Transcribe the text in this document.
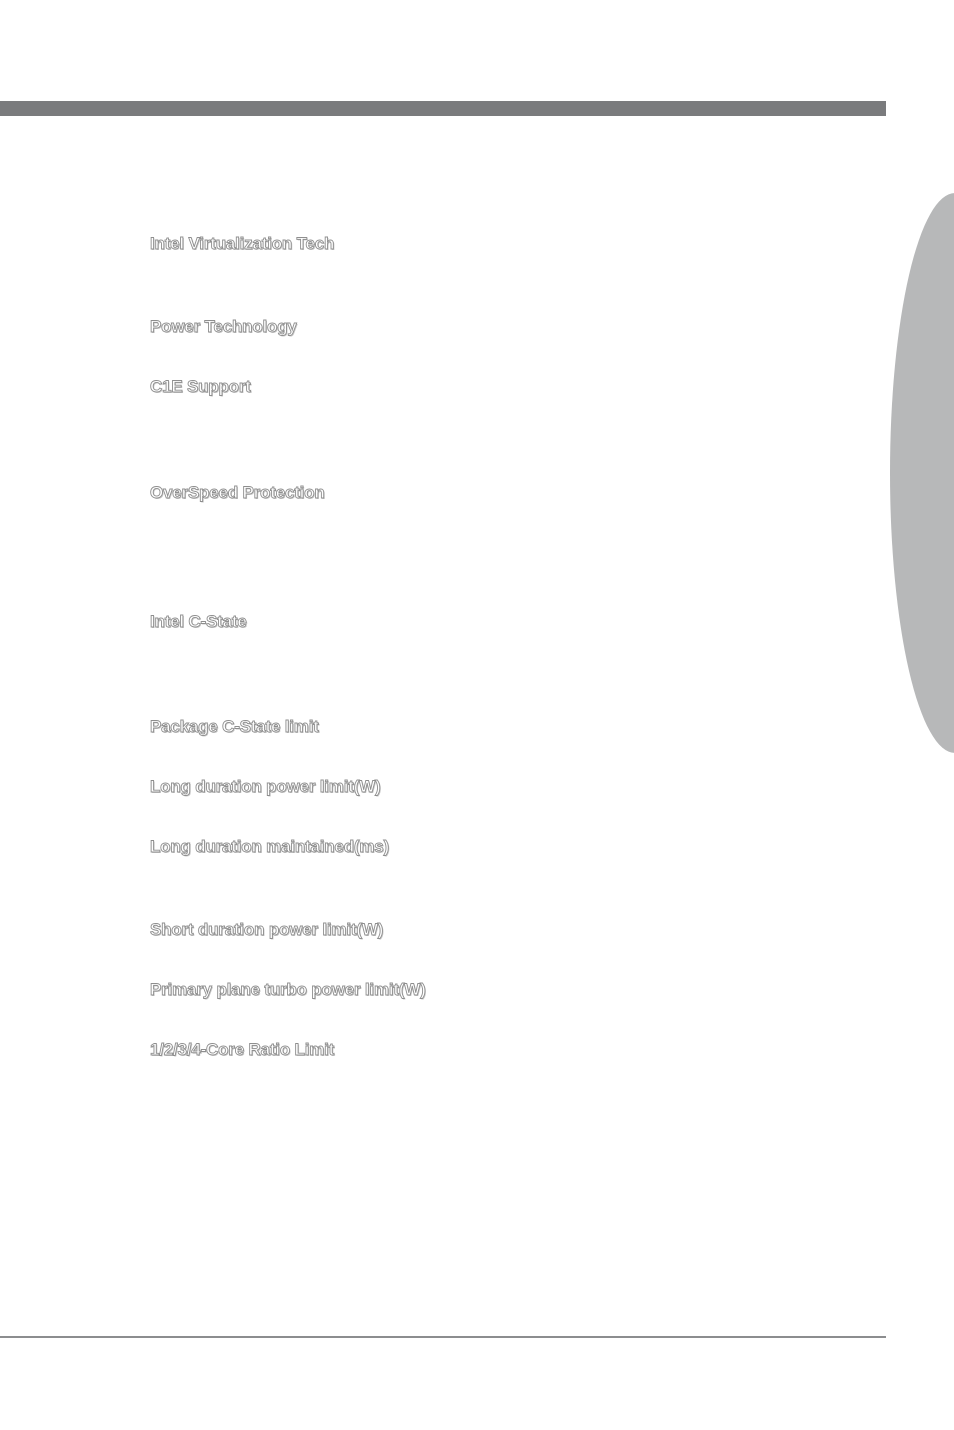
Intel Virtualization Tech
Power Technology
C1E Support
OverSpeed Protection
Intel C-State
Package C-State limit
Long duration power limit(W)
Long duration maintained(ms)
Short duration power limit(W)
Primary plane turbo power limit(W)
1/2/3/4-Core Ratio Limit
